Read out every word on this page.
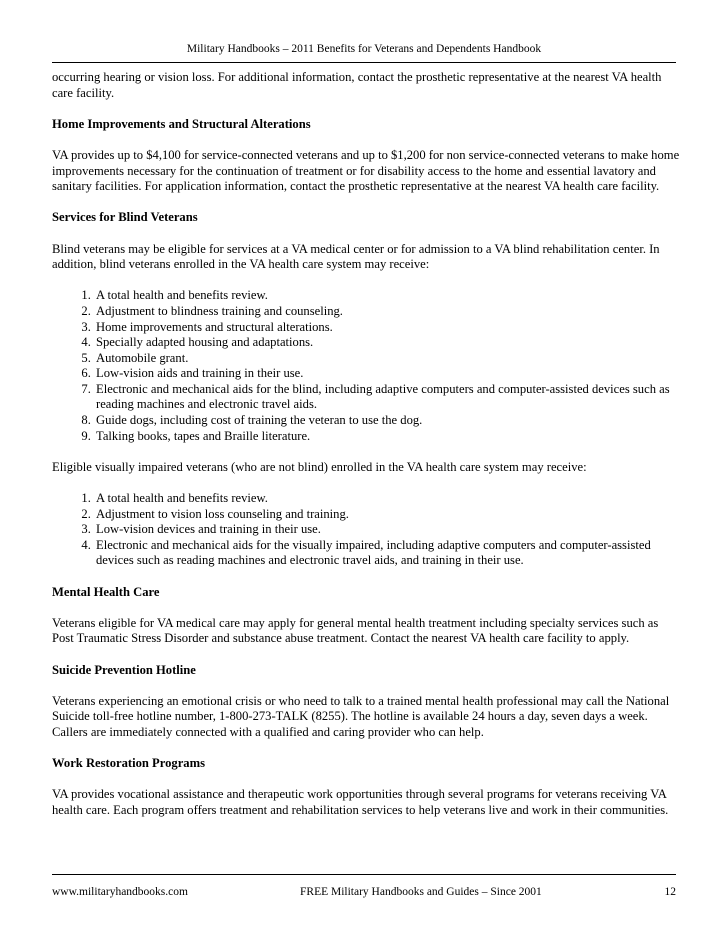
Military Handbooks – 2011 Benefits for Veterans and Dependents Handbook

occurring hearing or vision loss. For additional information, contact the prosthetic representative at the nearest VA health care facility.

Home Improvements and Structural Alterations

VA provides up to $4,100 for service-connected veterans and up to $1,200 for non service-connected veterans to make home improvements necessary for the continuation of treatment or for disability access to the home and essential lavatory and sanitary facilities. For application information, contact the prosthetic representative at the nearest VA health care facility.

Services for Blind Veterans

Blind veterans may be eligible for services at a VA medical center or for admission to a VA blind rehabilitation center. In addition, blind veterans enrolled in the VA health care system may receive:

1. A total health and benefits review.
2. Adjustment to blindness training and counseling.
3. Home improvements and structural alterations.
4. Specially adapted housing and adaptations.
5. Automobile grant.
6. Low-vision aids and training in their use.
7. Electronic and mechanical aids for the blind, including adaptive computers and computer-assisted devices such as reading machines and electronic travel aids.
8. Guide dogs, including cost of training the veteran to use the dog.
9. Talking books, tapes and Braille literature.

Eligible visually impaired veterans (who are not blind) enrolled in the VA health care system may receive:

1. A total health and benefits review.
2. Adjustment to vision loss counseling and training.
3. Low-vision devices and training in their use.
4. Electronic and mechanical aids for the visually impaired, including adaptive computers and computer-assisted devices such as reading machines and electronic travel aids, and training in their use.

Mental Health Care

Veterans eligible for VA medical care may apply for general mental health treatment including specialty services such as Post Traumatic Stress Disorder and substance abuse treatment. Contact the nearest VA health care facility to apply.

Suicide Prevention Hotline

Veterans experiencing an emotional crisis or who need to talk to a trained mental health professional may call the National Suicide toll-free hotline number, 1-800-273-TALK (8255). The hotline is available 24 hours a day, seven days a week. Callers are immediately connected with a qualified and caring provider who can help.

Work Restoration Programs

VA provides vocational assistance and therapeutic work opportunities through several programs for veterans receiving VA health care. Each program offers treatment and rehabilitation services to help veterans live and work in their communities.

www.militaryhandbooks.com	FREE Military Handbooks and Guides – Since 2001	12
